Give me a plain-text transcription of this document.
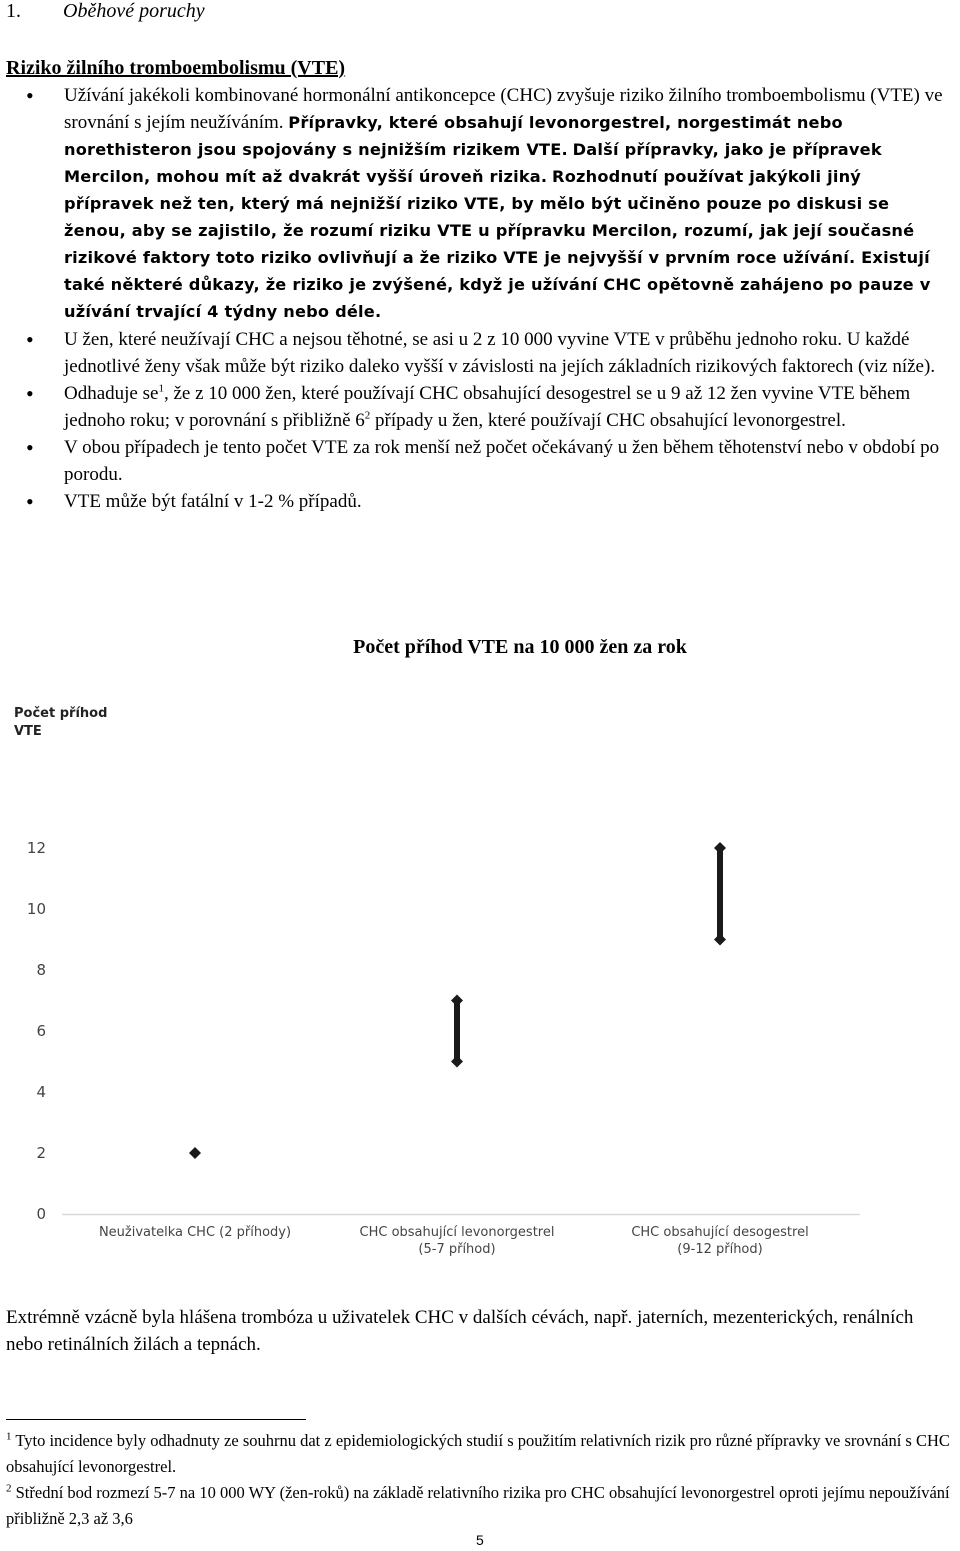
1. Oběhové poruchy
Riziko žilního tromboembolismu (VTE)
• Užívání jakékoli kombinované hormonální antikoncepce (CHC) zvyšuje riziko žilního tromboembolismu (VTE) ve srovnání s jejím neužíváním. Přípravky, které obsahují levonorgestrel, norgestimát nebo norethisteron jsou spojovány s nejnižším rizikem VTE. Další přípravky, jako je přípravek Mercilon, mohou mít až dvakrát vyšší úroveň rizika. Rozhodnutí používat jakýkoli jiný přípravek než ten, který má nejnižší riziko VTE, by mělo být učiněno pouze po diskusi se ženou, aby se zajistilo, že rozumí riziku VTE u přípravku Mercilon, rozumí, jak její současné rizikové faktory toto riziko ovlivňují a že riziko VTE je nejvyšší v prvním roce užívání. Existují také některé důkazy, že riziko je zvýšené, když je užívání CHC opětovně zahájeno po pauze v užívání trvající 4 týdny nebo déle.
• U žen, které neužívají CHC a nejsou těhotné, se asi u 2 z 10 000 vyvine VTE v průběhu jednoho roku. U každé jednotlivé ženy však může být riziko daleko vyšší v závislosti na jejích základních rizikových faktorech (viz níže).
• Odhaduje $se^1$, že z 10 000 žen, které používají CHC obsahující desogestrel se u 9 až 12 žen vyvine VTE během jednoho roku; v porovnání s přibližně $6^2$ případy u žen, které používají CHC obsahující levonorgestrel.
• V obou případech je tento počet VTE za rok menší než počet očekávaný u žen během těhotenství nebo v období po porodu.
• VTE může být fatální v 1-2 % případů.
Počet příhod VTE na 10 000 žen za rok
Počet příhod
VTE
0
2
4
6
8
10
12
Neuživatelka CHC (2 příhody)	CHC obsahující levonorgestrel
(5-7 příhod)
CHC obsahující desogestrel
(9-12 příhod)
Extrémně vzácně byla hlášena trombóza u uživatelek CHC v dalších cévách, např. jaterních, mezenterických, renálních nebo retinálních žilách a tepnách.

$^1$ Tyto incidence byly odhadnuty ze souhrnu dat z epidemiologických studií s použitím relativních rizik pro různé přípravky ve srovnání s CHC obsahující levonorgestrel.

$^2$ Střední bod rozmezí 5-7 na 10 000 WY (žen-roků) na základě relativního rizika pro CHC obsahující levonorgestrel oproti jejímu nepoužívání přibližně 2,3 až 3,6

5
